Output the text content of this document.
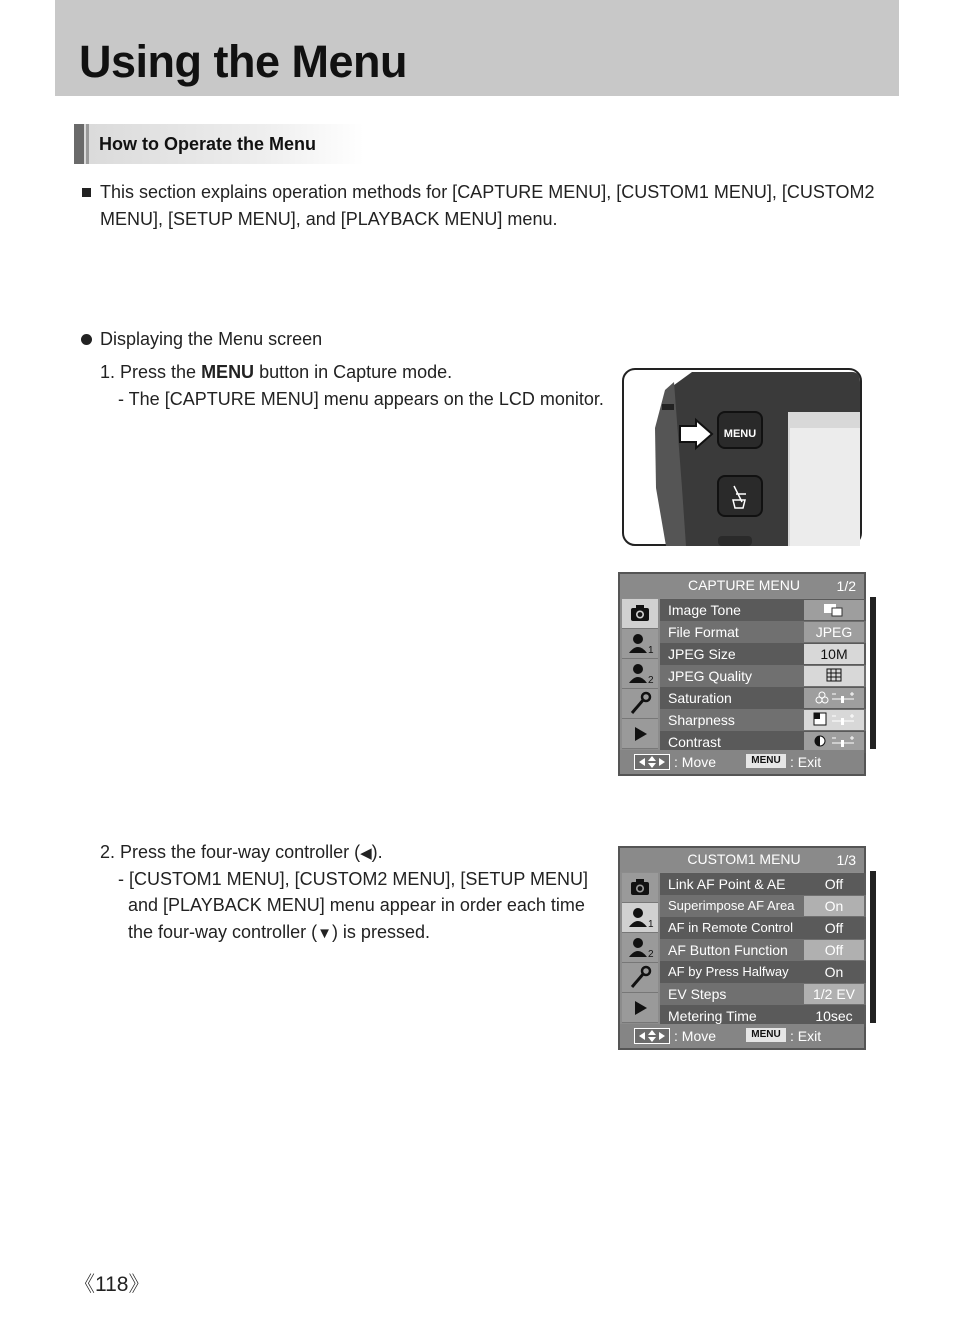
Using the Menu
How to Operate the Menu
This section explains operation methods for [CAPTURE MENU], [CUSTOM1 MENU], [CUSTOM2
MENU], [SETUP MENU], and [PLAYBACK MENU] menu.
Displaying the Menu screen
1. Press the MENU button in Capture mode.
- The [CAPTURE MENU] menu appears on the LCD monitor.
2. Press the four-way controller (◀).
- [CUSTOM1 MENU], [CUSTOM2 MENU], [SETUP MENU]
and [PLAYBACK MENU] menu appear in order each time
the four-way controller (▼) is pressed.
MENU
CAPTURE MENU	1/2
1
2
Image Tone
File Format	JPEG
JPEG Size	10M
JPEG Quality
Saturation
Sharpness
Contrast
: Move	MENU : Exit
CUSTOM1 MENU	1/3
1
2
Link AF Point & AE	Off
Superimpose AF Area	On
AF in Remote Control	Off
AF Button Function	Off
AF by Press Halfway	On
EV Steps	1/2 EV
Metering Time	10sec
: Move	MENU : Exit
《118》
